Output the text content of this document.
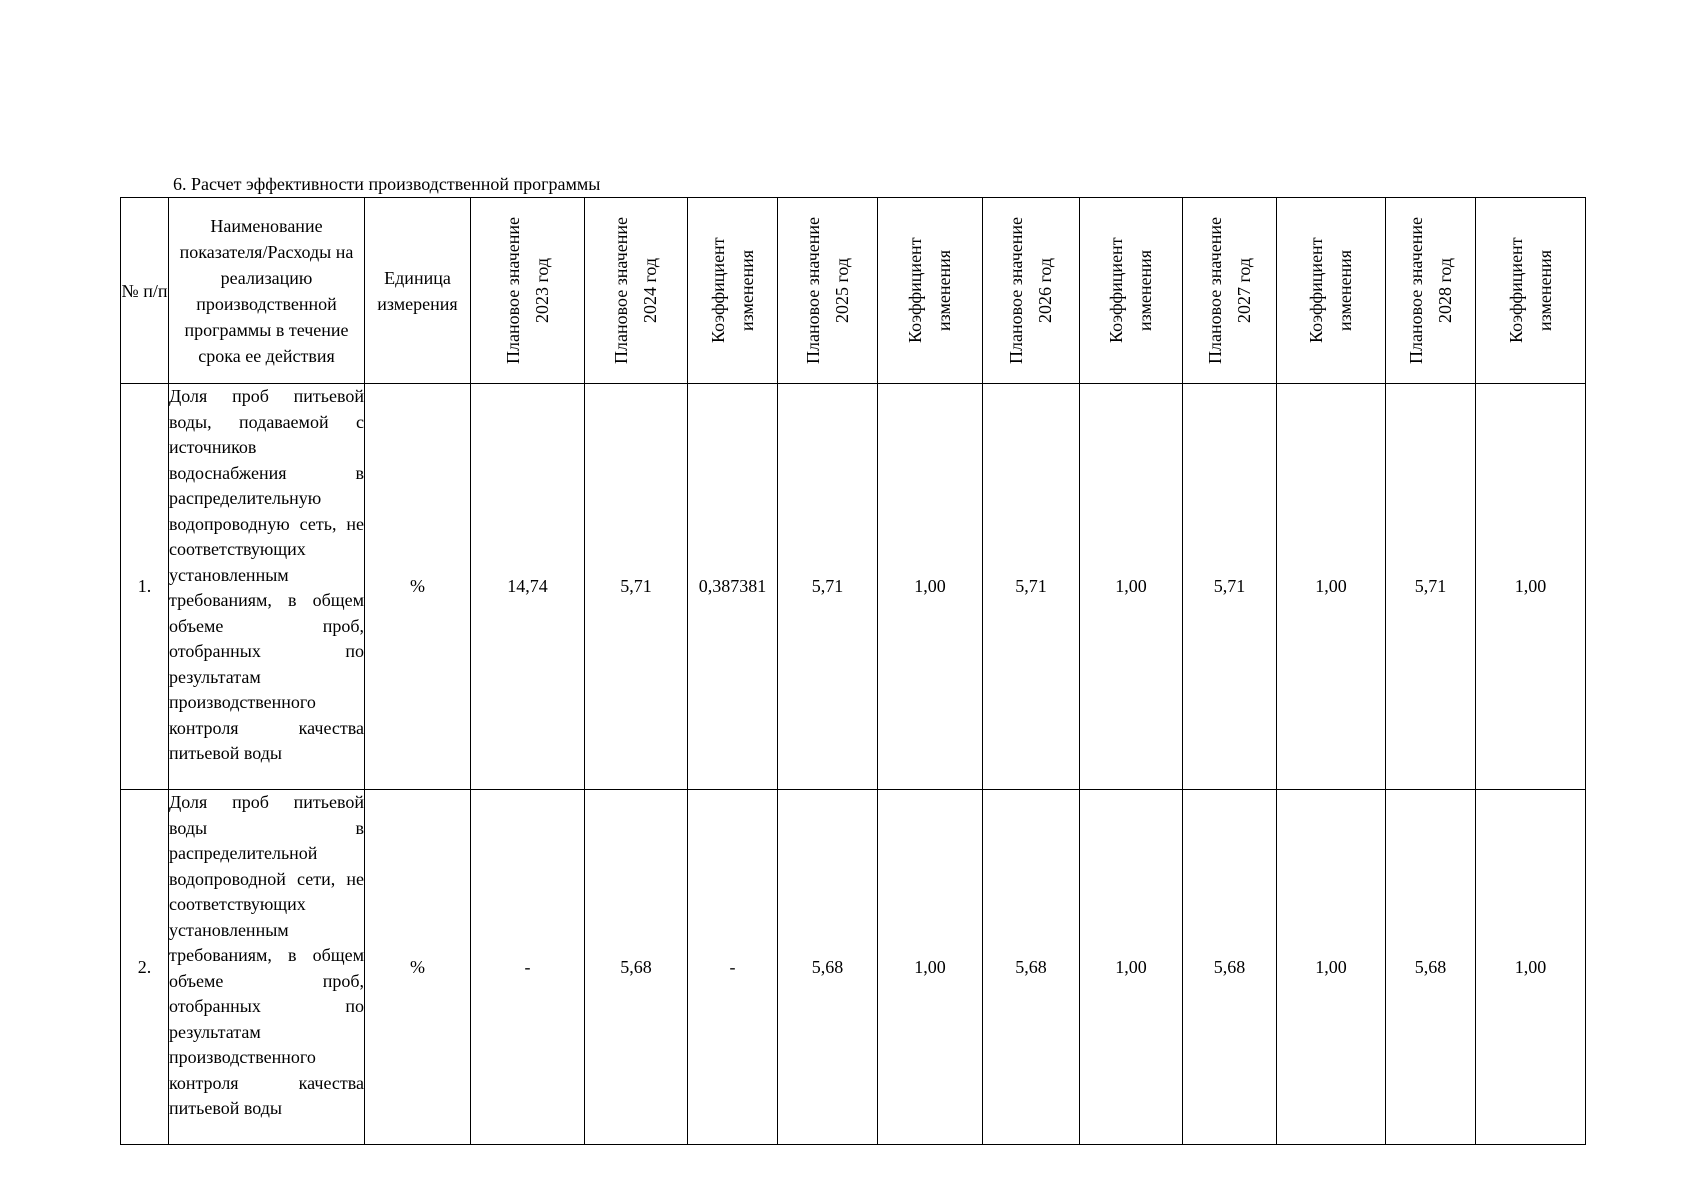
6. Расчет эффективности производственной программы
№ п/п	Наименование показателя/Расходы на реализацию производственной программы в течение срока ее действия	Единица измерения	Плановое значение 2023 год	Плановое значение 2024 год	Коэффициент изменения	Плановое значение 2025 год	Коэффициент изменения	Плановое значение 2026 год	Коэффициент изменения	Плановое значение 2027 год	Коэффициент изменения	Плановое значение 2028 год	Коэффициент изменения

1.	Доля проб питьевой воды, подаваемой с источников водоснабжения в распределительную водопроводную сеть, не соответствующих установленным требованиям, в общем объеме проб, отобранных по результатам производственного контроля качества питьевой воды	%	14,74	5,71	0,387381	5,71	1,00	5,71	1,00	5,71	1,00	5,71	1,00
2.	Доля проб питьевой воды в распределительной водопроводной сети, не соответствующих установленным требованиям, в общем объеме проб, отобранных по результатам производственного контроля качества питьевой воды	%	-	5,68	-	5,68	1,00	5,68	1,00	5,68	1,00	5,68	1,00
